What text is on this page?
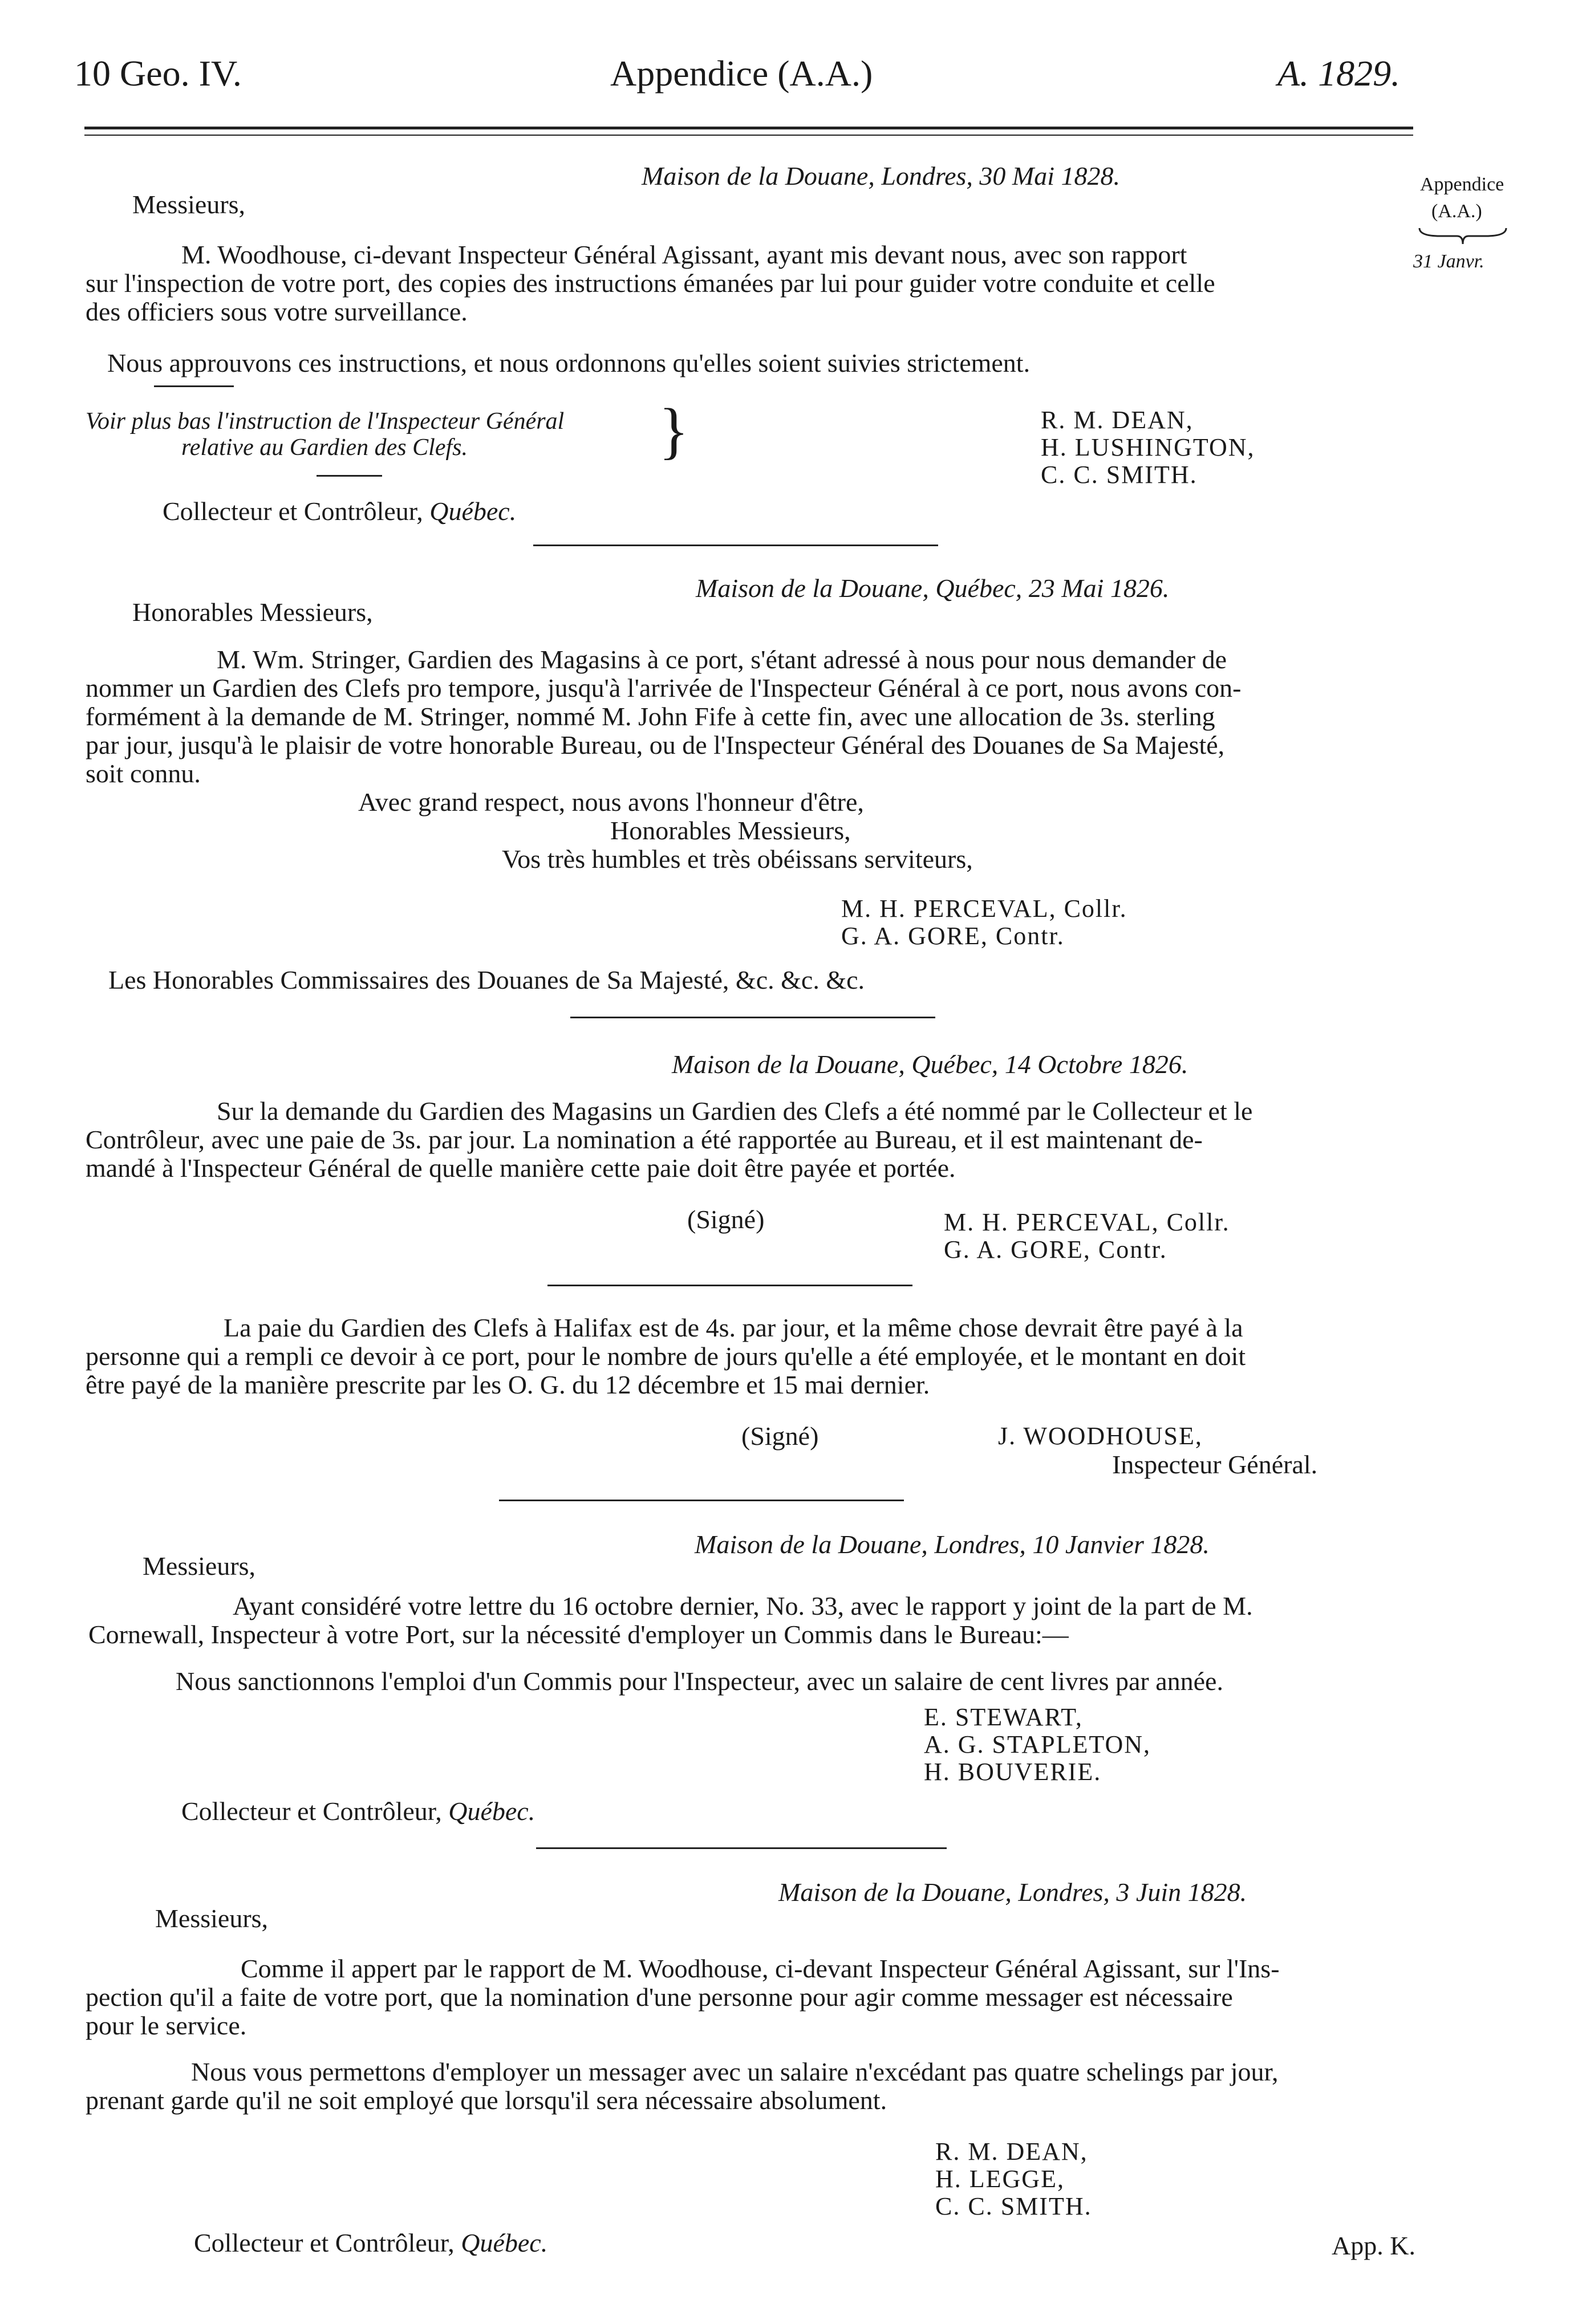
10 Geo. IV.	Appendice (A.A.)	A. 1829.
Appendice
(A.A.)
31 Janvr.
Maison de la Douane, Londres, 30 Mai 1828.
Messieurs,
M. Woodhouse, ci-devant Inspecteur Général Agissant, ayant mis devant nous, avec son rapport
sur l'inspection de votre port, des copies des instructions émanées par lui pour guider votre conduite et celle
des officiers sous votre surveillance.
Nous approuvons ces instructions, et nous ordonnons qu'elles soient suivies strictement.
Voir plus bas l'instruction de l'Inspecteur Général
relative au Gardien des Clefs.	}	R. M. DEAN,
H. LUSHINGTON,
C. C. SMITH.
Collecteur et Contrôleur, Québec.
Maison de la Douane, Québec, 23 Mai 1826.
Honorables Messieurs,
M. Wm. Stringer, Gardien des Magasins à ce port, s'étant adressé à nous pour nous demander de
nommer un Gardien des Clefs pro tempore, jusqu'à l'arrivée de l'Inspecteur Général à ce port, nous avons con-
formément à la demande de M. Stringer, nommé M. John Fife à cette fin, avec une allocation de 3s. sterling
par jour, jusqu'à le plaisir de votre honorable Bureau, ou de l'Inspecteur Général des Douanes de Sa Majesté,
soit connu.
Avec grand respect, nous avons l'honneur d'être,
Honorables Messieurs,
Vos très humbles et très obéissans serviteurs,
M. H. PERCEVAL, Collr.
G. A. GORE, Contr.
Les Honorables Commissaires des Douanes de Sa Majesté, &c. &c. &c.
Maison de la Douane, Québec, 14 Octobre 1826.
Sur la demande du Gardien des Magasins un Gardien des Clefs a été nommé par le Collecteur et le
Contrôleur, avec une paie de 3s. par jour. La nomination a été rapportée au Bureau, et il est maintenant de-
mandé à l'Inspecteur Général de quelle manière cette paie doit être payée et portée.
(Signé)	M. H. PERCEVAL, Collr.
G. A. GORE, Contr.
La paie du Gardien des Clefs à Halifax est de 4s. par jour, et la même chose devrait être payé à la
personne qui a rempli ce devoir à ce port, pour le nombre de jours qu'elle a été employée, et le montant en doit
être payé de la manière prescrite par les O. G. du 12 décembre et 15 mai dernier.
(Signé)	J. WOODHOUSE,
Inspecteur Général.
Maison de la Douane, Londres, 10 Janvier 1828.
Messieurs,
Ayant considéré votre lettre du 16 octobre dernier, No. 33, avec le rapport y joint de la part de M.
Cornewall, Inspecteur à votre Port, sur la nécessité d'employer un Commis dans le Bureau:—
Nous sanctionnons l'emploi d'un Commis pour l'Inspecteur, avec un salaire de cent livres par année.
E. STEWART,
A. G. STAPLETON,
H. BOUVERIE.
Collecteur et Contrôleur, Québec.
Maison de la Douane, Londres, 3 Juin 1828.
Messieurs,
Comme il appert par le rapport de M. Woodhouse, ci-devant Inspecteur Général Agissant, sur l'Ins-
pection qu'il a faite de votre port, que la nomination d'une personne pour agir comme messager est nécessaire
pour le service.
Nous vous permettons d'employer un messager avec un salaire n'excédant pas quatre schelings par jour,
prenant garde qu'il ne soit employé que lorsqu'il sera nécessaire absolument.
R. M. DEAN,
H. LEGGE,
C. C. SMITH.
Collecteur et Contrôleur, Québec.	App. K.
